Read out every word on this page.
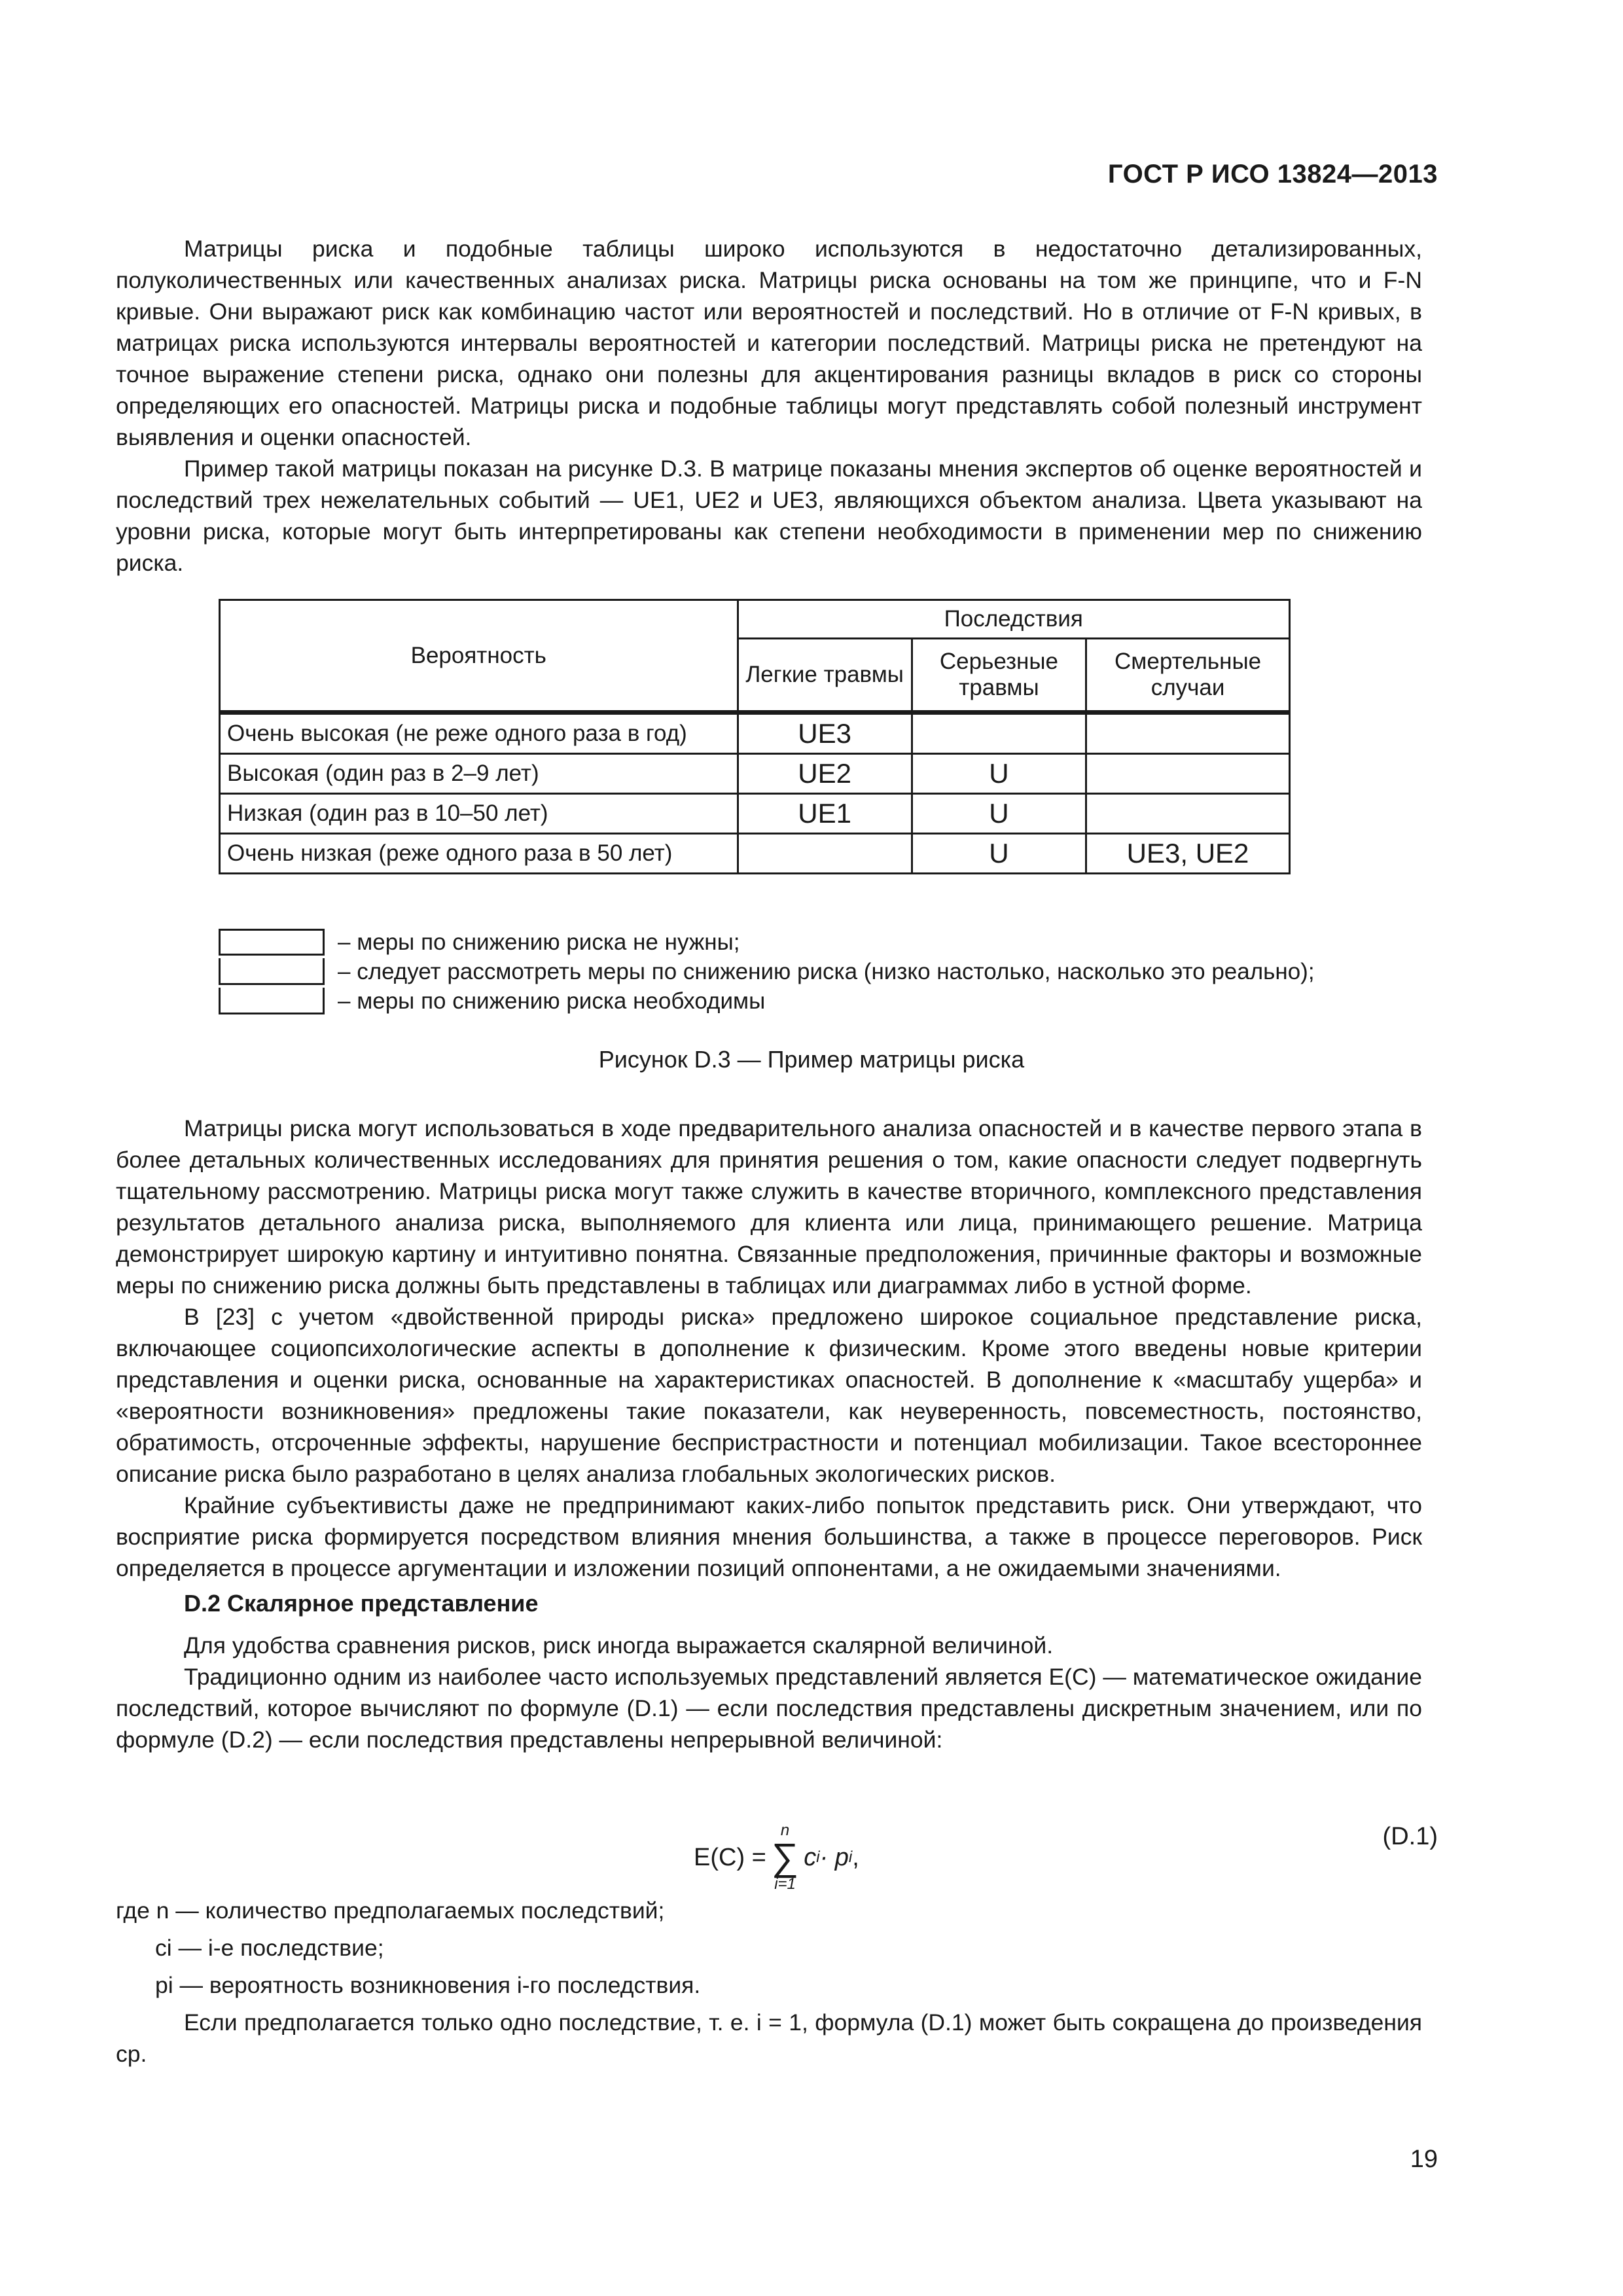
ГОСТ Р ИСО 13824—2013

Матрицы риска и подобные таблицы широко используются в недостаточно детализированных, полуколичественных или качественных анализах риска. Матрицы риска основаны на том же принципе, что и F-N кривые. Они выражают риск как комбинацию частот или вероятностей и последствий. Но в отличие от F-N кривых, в матрицах риска используются интервалы вероятностей и категории последствий. Матрицы риска не претендуют на точное выражение степени риска, однако они полезны для акцентирования разницы вкладов в риск со стороны определяющих его опасностей. Матрицы риска и подобные таблицы могут представлять собой полезный инструмент выявления и оценки опасностей.

Пример такой матрицы показан на рисунке D.3. В матрице показаны мнения экспертов об оценке вероятностей и последствий трех нежелательных событий — UE1, UE2 и UE3, являющихся объектом анализа. Цвета указывают на уровни риска, которые могут быть интерпретированы как степени необходимости в применении мер по снижению риска.

Вероятность	Последствия		
	Легкие травмы	Серьезные травмы	Смертельные случаи
Очень высокая (не реже одного раза в год)	UE3		
Высокая (один раз в 2–9 лет)	UE2	U	
Низкая (один раз в 10–50 лет)	UE1	U	
Очень низкая (реже одного раза в 50 лет)		U	UE3, UE2
– меры по снижению риска не нужны;
– следует рассмотреть меры по снижению риска (низко настолько, насколько это реально);
– меры по снижению риска необходимы
Рисунок D.3 — Пример матрицы риска

Матрицы риска могут использоваться в ходе предварительного анализа опасностей и в качестве первого этапа в более детальных количественных исследованиях для принятия решения о том, какие опасности следует подвергнуть тщательному рассмотрению. Матрицы риска могут также служить в качестве вторичного, комплексного представления результатов детального анализа риска, выполняемого для клиента или лица, принимающего решение. Матрица демонстрирует широкую картину и интуитивно понятна. Связанные предположения, причинные факторы и возможные меры по снижению риска должны быть представлены в таблицах или диаграммах либо в устной форме.

В [23] с учетом «двойственной природы риска» предложено широкое социальное представление риска, включающее социопсихологические аспекты в дополнение к физическим. Кроме этого введены новые критерии представления и оценки риска, основанные на характеристиках опасностей. В дополнение к «масштабу ущерба» и «вероятности возникновения» предложены такие показатели, как неуверенность, повсеместность, постоянство, обратимость, отсроченные эффекты, нарушение беспристрастности и потенциал мобилизации. Такое всестороннее описание риска было разработано в целях анализа глобальных экологических рисков.

Крайние субъективисты даже не предпринимают каких-либо попыток представить риск. Они утверждают, что восприятие риска формируется посредством влияния мнения большинства, а также в процессе переговоров. Риск определяется в процессе аргументации и изложении позиций оппонентами, а не ожидаемыми значениями.

D.2 Скалярное представление

Для удобства сравнения рисков, риск иногда выражается скалярной величиной.

Традиционно одним из наиболее часто используемых представлений является E(C) — математическое ожидание последствий, которое вычисляют по формуле (D.1) — если последствия представлены дискретным значением, или по формуле (D.2) — если последствия представлены непрерывной величиной:

E(C) =
n
∑
i=1
c i · p i ,
(D.1)

где n — количество предполагаемых последствий;

ci — i-е последствие;

pi — вероятность возникновения i-го последствия.

Если предполагается только одно последствие, т. е. i = 1, формула (D.1) может быть сокращена до произведения cp.

19
